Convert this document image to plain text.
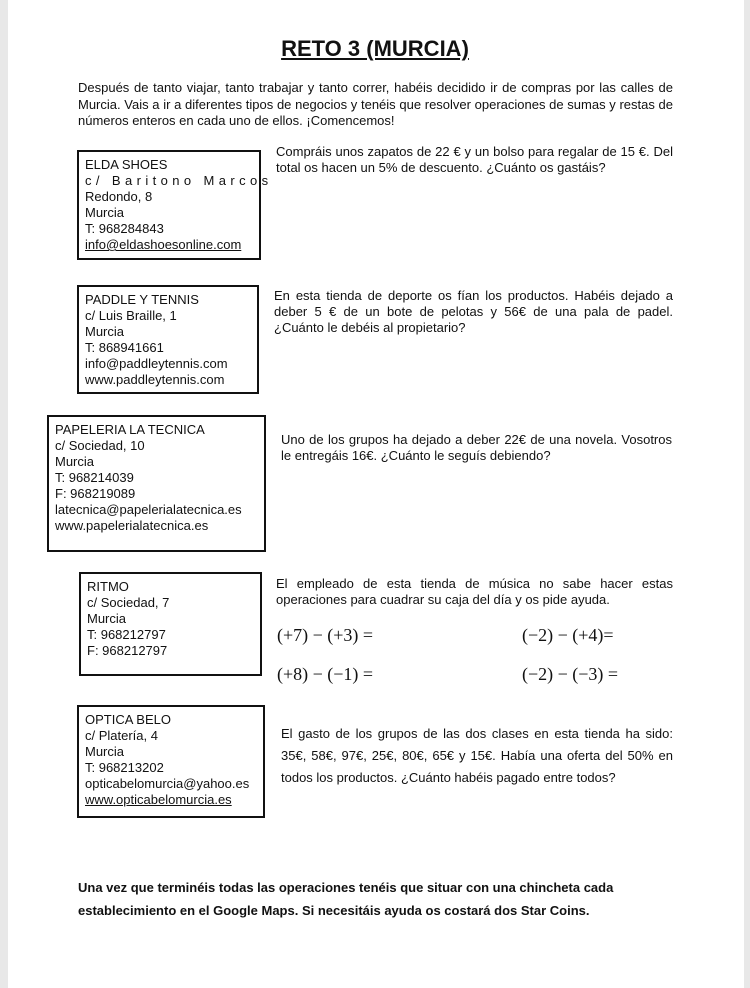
RETO 3 (MURCIA)
Después de tanto viajar, tanto trabajar y tanto correr, habéis decidido ir de compras por las calles de Murcia. Vais a ir a diferentes tipos de negocios y tenéis que resolver operaciones de sumas y restas de números enteros en cada uno de ellos. ¡Comencemos!
ELDA SHOES
c/ Baritono Marcos
Redondo, 8
Murcia
T: 968284843
info@eldashoesonline.com
Compráis unos zapatos de 22 € y un bolso para regalar de 15 €. Del total os hacen un 5% de descuento. ¿Cuánto os gastáis?
PADDLE Y TENNIS
c/ Luis Braille, 1
Murcia
T: 868941661
info@paddleytennis.com
www.paddleytennis.com
En esta tienda de deporte os fían los productos. Habéis dejado a deber 5 € de un bote de pelotas y 56€ de una pala de padel. ¿Cuánto le debéis al propietario?
PAPELERIA LA TECNICA
c/ Sociedad, 10
Murcia
T: 968214039
F: 968219089
latecnica@papelerialatecnica.es
www.papelerialatecnica.es
Uno de los grupos ha dejado a deber 22€ de una novela. Vosotros le entregáis 16€. ¿Cuánto le seguís debiendo?
RITMO
c/ Sociedad, 7
Murcia
T: 968212797
F: 968212797
El empleado de esta tienda de música no sabe hacer estas operaciones para cuadrar su caja del día y os pide ayuda.
(+7) − (+3) =	(−2) − (+4)=
(+8) − (−1) =	(−2) − (−3) =
OPTICA BELO
c/ Platería, 4
Murcia
T: 968213202
opticabelomurcia@yahoo.es
www.opticabelomurcia.es
El gasto de los grupos de las dos clases en esta tienda ha sido: 35€, 58€, 97€, 25€, 80€, 65€ y 15€. Había una oferta del 50% en todos los productos. ¿Cuánto habéis pagado entre todos?
Una vez que terminéis todas las operaciones tenéis que situar con una chincheta cada establecimiento en el Google Maps. Si necesitáis ayuda os costará dos Star Coins.
